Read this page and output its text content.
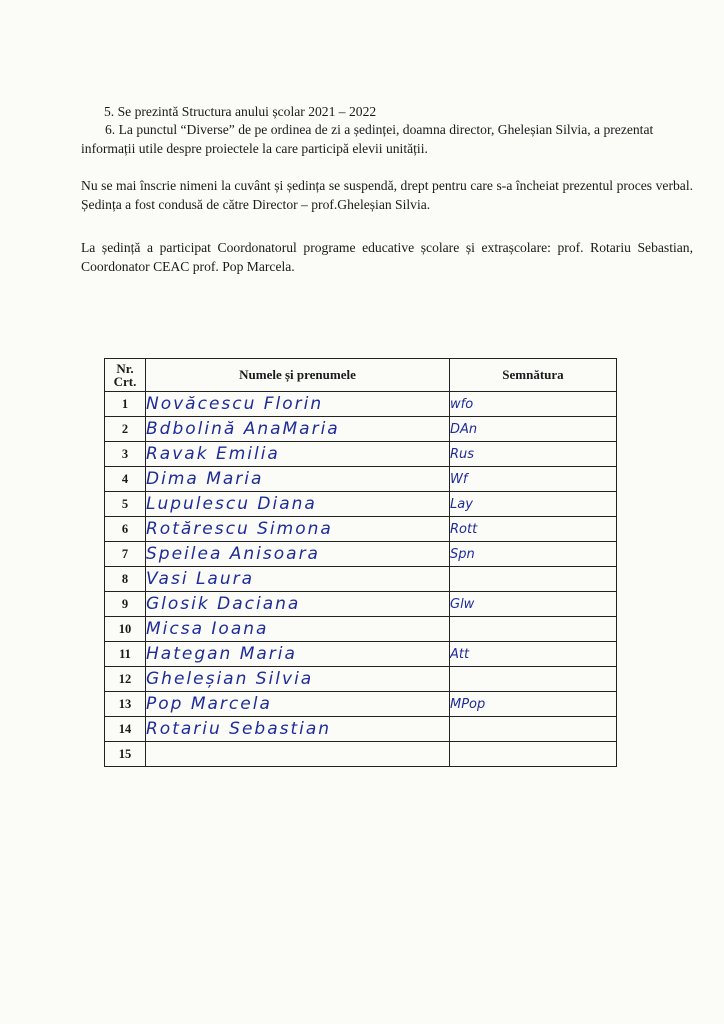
5. Se prezintă Structura anului școlar 2021 – 2022

6. La punctul “Diverse” de pe ordinea de zi a ședinței, doamna director, Gheleșian Silvia, a prezentat informații utile despre proiectele la care participă elevii unității.

Nu se mai înscrie nimeni la cuvânt și ședința se suspendă, drept pentru care s-a încheiat prezentul proces verbal. Ședința a fost condusă de către Director – prof.Gheleșian Silvia.

La ședință a participat Coordonatorul programe educative școlare și extrașcolare: prof. Rotariu Sebastian, Coordonator CEAC prof. Pop Marcela.

Nr. Crt.	Numele și prenumele	Semnătura
1	Novăcescu Florin	wfo
2	Bdbolină AnaMaria	DAn
3	Ravak Emilia	Rus
4	Dima Maria	Wf
5	Lupulescu Diana	Lay
6	Rotărescu Simona	Rott
7	Speilea Anisoara	Spn
8	Vasi Laura	
9	Glosik Daciana	Glw
10	Micsa Ioana	
11	Hategan Maria	Att
12	Gheleșian Silvia	
13	Pop Marcela	MPop
14	Rotariu Sebastian	
15		
